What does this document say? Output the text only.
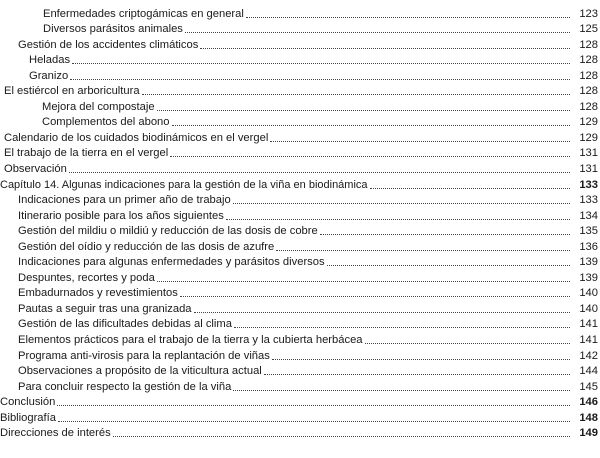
Enfermedades criptogámicas en general	123
Diversos parásitos animales	125
Gestión de los accidentes climáticos	128
Heladas	128
Granizo	128
El estiércol en arboricultura	128
Mejora del compostaje	128
Complementos del abono	129
Calendario de los cuidados biodinámicos en el vergel	129
El trabajo de la tierra en el vergel	131
Observación	131
Capítulo 14. Algunas indicaciones para la gestión de la viña en biodinámica	133
Indicaciones para un primer año de trabajo	133
Itinerario posible para los años siguientes	134
Gestión del mildiu o mildiú y reducción de las dosis de cobre	135
Gestión del oídio y reducción de las dosis de azufre	136
Indicaciones para algunas enfermedades y parásitos diversos	139
Despuntes, recortes y poda	139
Embadurnados y revestimientos	140
Pautas a seguir tras una granizada	140
Gestión de las dificultades debidas al clima	141
Elementos prácticos para el trabajo de la tierra y la cubierta herbácea	141
Programa anti-virosis para la replantación de viñas	142
Observaciones a propósito de la viticultura actual	144
Para concluir respecto la gestión de la viña	145
Conclusión	146
Bibliografía	148
Direcciones de interés	149
